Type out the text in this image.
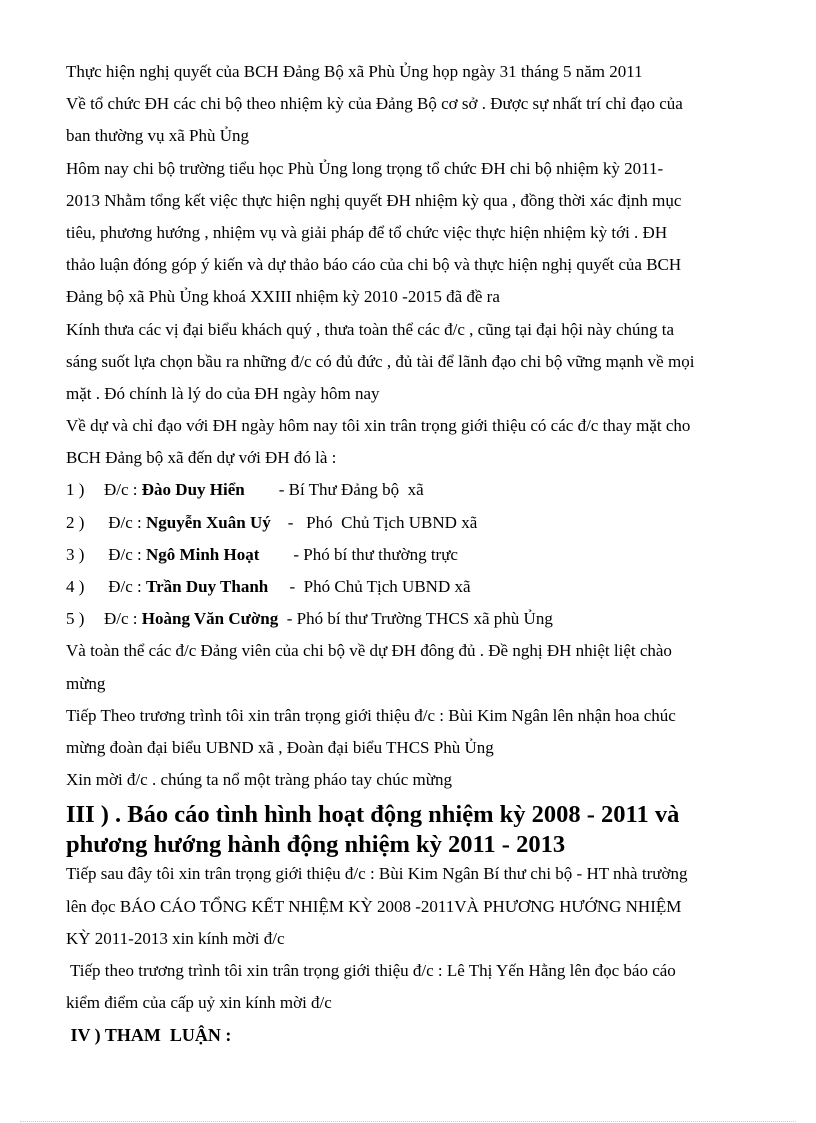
Thực hiện nghị quyết của BCH Đảng Bộ xã Phù Ủng họp ngày 31 tháng 5 năm 2011
Về tổ chức ĐH các chi bộ theo nhiệm kỳ của Đảng Bộ cơ sở . Được sự nhất trí chỉ đạo của
ban thường vụ xã Phù Ủng
Hôm nay chi bộ trường tiểu học Phù Ủng long trọng tổ chức ĐH chi bộ nhiệm kỳ 2011-
2013 Nhằm tổng kết việc thực hiện nghị quyết ĐH nhiệm kỳ qua , đồng thời xác định mục
tiêu, phương hướng , nhiệm vụ và giải pháp để tổ chức việc thực hiện nhiệm kỳ tới . ĐH
thảo luận đóng góp ý kiến và dự thảo báo cáo của chi bộ và thực hiện nghị quyết của BCH
Đảng bộ xã Phù Ủng khoá XXIII nhiệm kỳ 2010 -2015 đã đề ra
Kính thưa các vị đại biểu khách quý , thưa toàn thể các đ/c , cũng tại đại hội này chúng ta
sáng suốt lựa chọn bầu ra những đ/c có đủ đức , đủ tài để lãnh đạo chi bộ vững mạnh về mọi
mặt . Đó chính là lý do của ĐH ngày hôm nay
Về dự và chỉ đạo với ĐH ngày hôm nay tôi xin trân trọng giới thiệu có các đ/c thay mặt cho
BCH Đảng bộ xã đến dự với ĐH đó là :
1 ) Đ/c : Đào Duy Hiển        - Bí Thư Đảng bộ  xã
2 ) Đ/c : Nguyễn Xuân Uý    -   Phó  Chủ Tịch UBND xã
3 ) Đ/c : Ngô Minh Hoạt        - Phó bí thư thường trực
4 ) Đ/c : Trần Duy Thanh     -  Phó Chủ Tịch UBND xã
5 ) Đ/c : Hoàng Văn Cường  - Phó bí thư Trường THCS xã phù Ủng
Và toàn thể các đ/c Đảng viên của chi bộ về dự ĐH đông đủ . Đề nghị ĐH nhiệt liệt chào
mừng
Tiếp Theo trương trình tôi xin trân trọng giới thiệu đ/c : Bùi Kim Ngân lên nhận hoa chúc
mừng đoàn đại biểu UBND xã , Đoàn đại biểu THCS Phù Ủng
Xin mời đ/c . chúng ta nổ một tràng pháo tay chúc mừng
III ) . Báo cáo tình hình hoạt động nhiệm kỳ 2008 - 2011 và
phương hướng hành động nhiệm kỳ 2011 - 2013
Tiếp sau đây tôi xin trân trọng giới thiệu đ/c : Bùi Kim Ngân Bí thư chi bộ - HT nhà trường
lên đọc BÁO CÁO TỔNG KẾT NHIỆM KỲ 2008 -2011VÀ PHƯƠNG HƯỚNG NHIỆM
KỲ 2011-2013 xin kính mời đ/c
Tiếp theo trương trình tôi xin trân trọng giới thiệu đ/c : Lê Thị Yến Hằng lên đọc báo cáo
kiểm điểm của cấp uỷ xin kính mời đ/c
IV ) THAM  LUẬN :
